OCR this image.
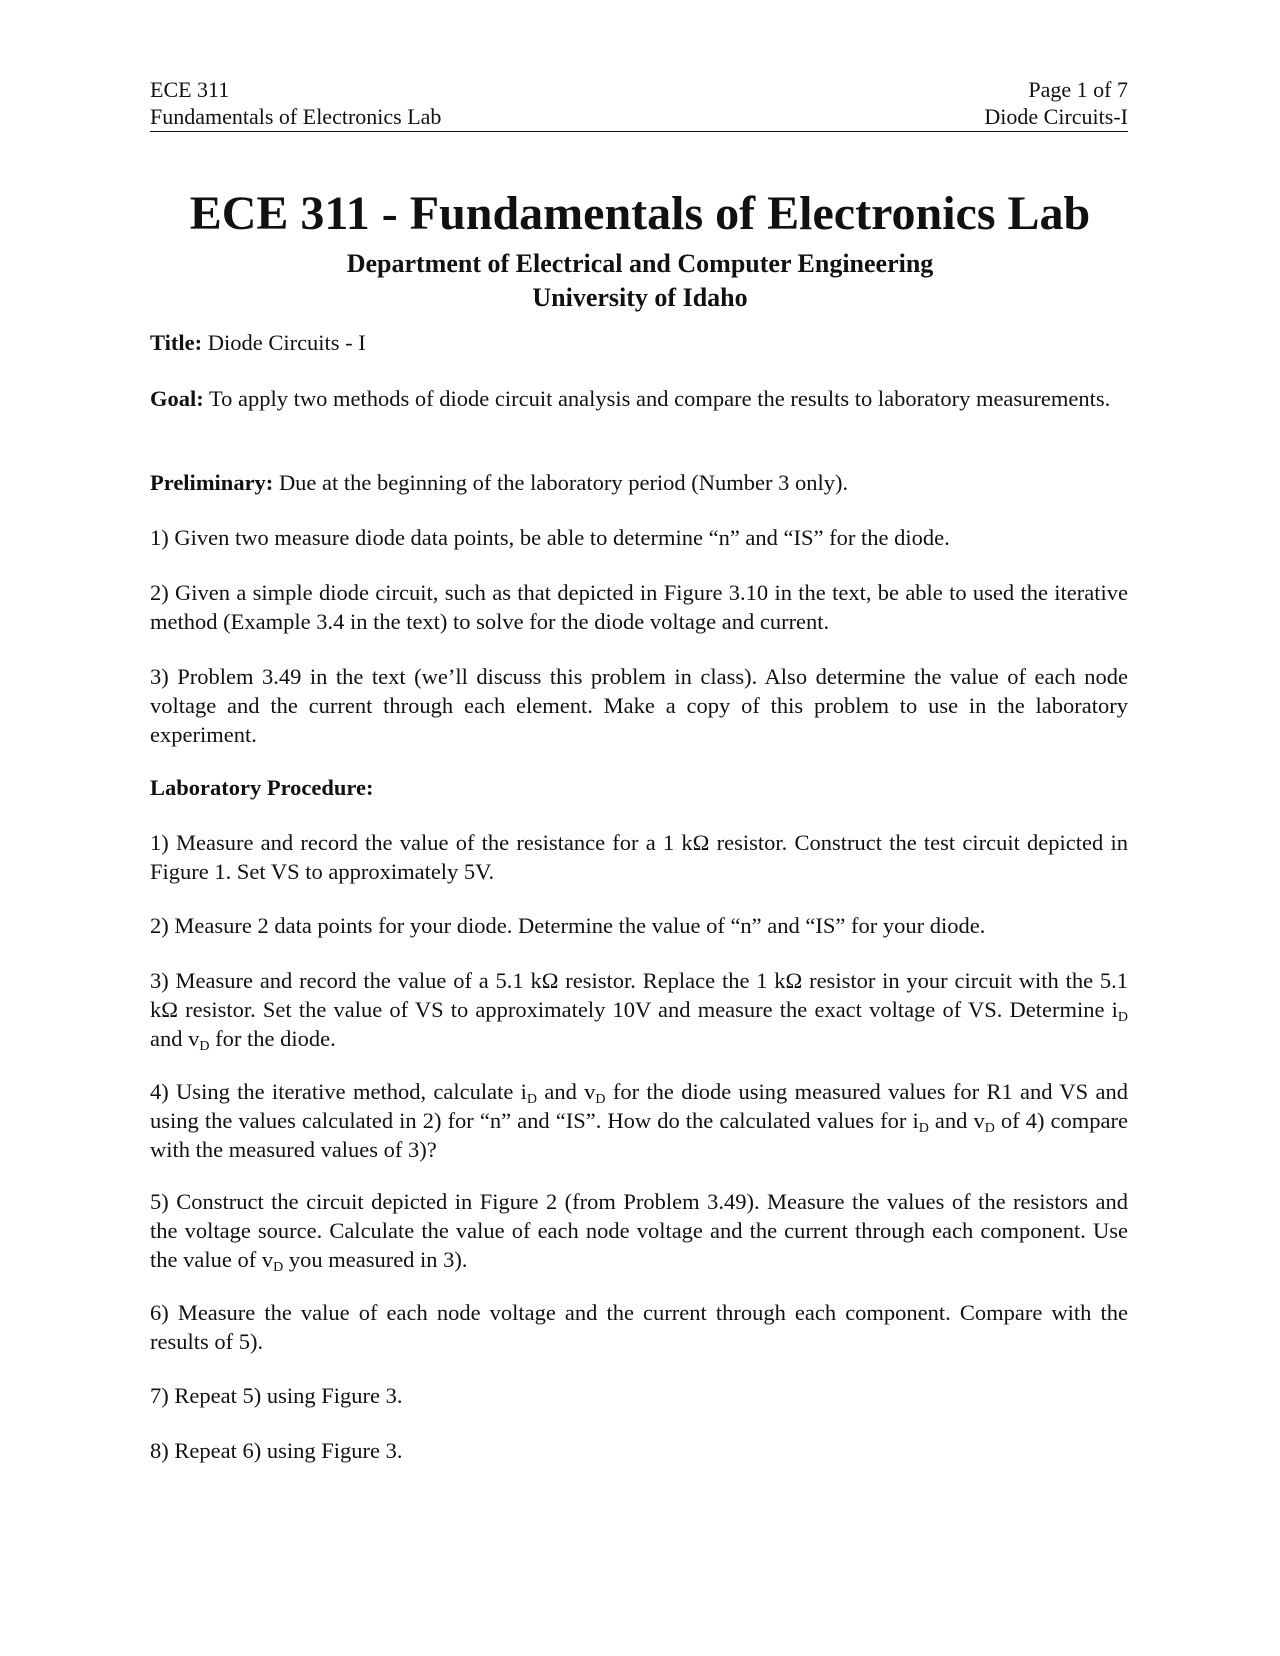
ECE 311	Page 1 of 7
Fundamentals of Electronics Lab	Diode Circuits-I
ECE 311 - Fundamentals of Electronics Lab
Department of Electrical and Computer Engineering
University of Idaho
Title: Diode Circuits - I
Goal: To apply two methods of diode circuit analysis and compare the results to laboratory measurements.
Preliminary: Due at the beginning of the laboratory period (Number 3 only).
1) Given two measure diode data points, be able to determine “n” and “IS” for the diode.
2) Given a simple diode circuit, such as that depicted in Figure 3.10 in the text, be able to used the iterative method (Example 3.4 in the text) to solve for the diode voltage and current.
3) Problem 3.49 in the text (we’ll discuss this problem in class). Also determine the value of each node voltage and the current through each element. Make a copy of this problem to use in the laboratory experiment.
Laboratory Procedure:
1) Measure and record the value of the resistance for a 1 kΩ resistor. Construct the test circuit depicted in Figure 1. Set VS to approximately 5V.
2) Measure 2 data points for your diode. Determine the value of “n” and “IS” for your diode.
3) Measure and record the value of a 5.1 kΩ resistor. Replace the 1 kΩ resistor in your circuit with the 5.1 kΩ resistor. Set the value of VS to approximately 10V and measure the exact voltage of VS. Determine $i_D$ and $v_D$ for the diode.
4) Using the iterative method, calculate $i_D$ and $v_D$ for the diode using measured values for R1 and VS and using the values calculated in 2) for “n” and “IS”. How do the calculated values for $i_D$ and $v_D$ of 4) compare with the measured values of 3)?
5) Construct the circuit depicted in Figure 2 (from Problem 3.49). Measure the values of the resistors and the voltage source. Calculate the value of each node voltage and the current through each component. Use the value of $v_D$ you measured in 3).
6) Measure the value of each node voltage and the current through each component. Compare with the results of 5).
7) Repeat 5) using Figure 3.
8) Repeat 6) using Figure 3.
